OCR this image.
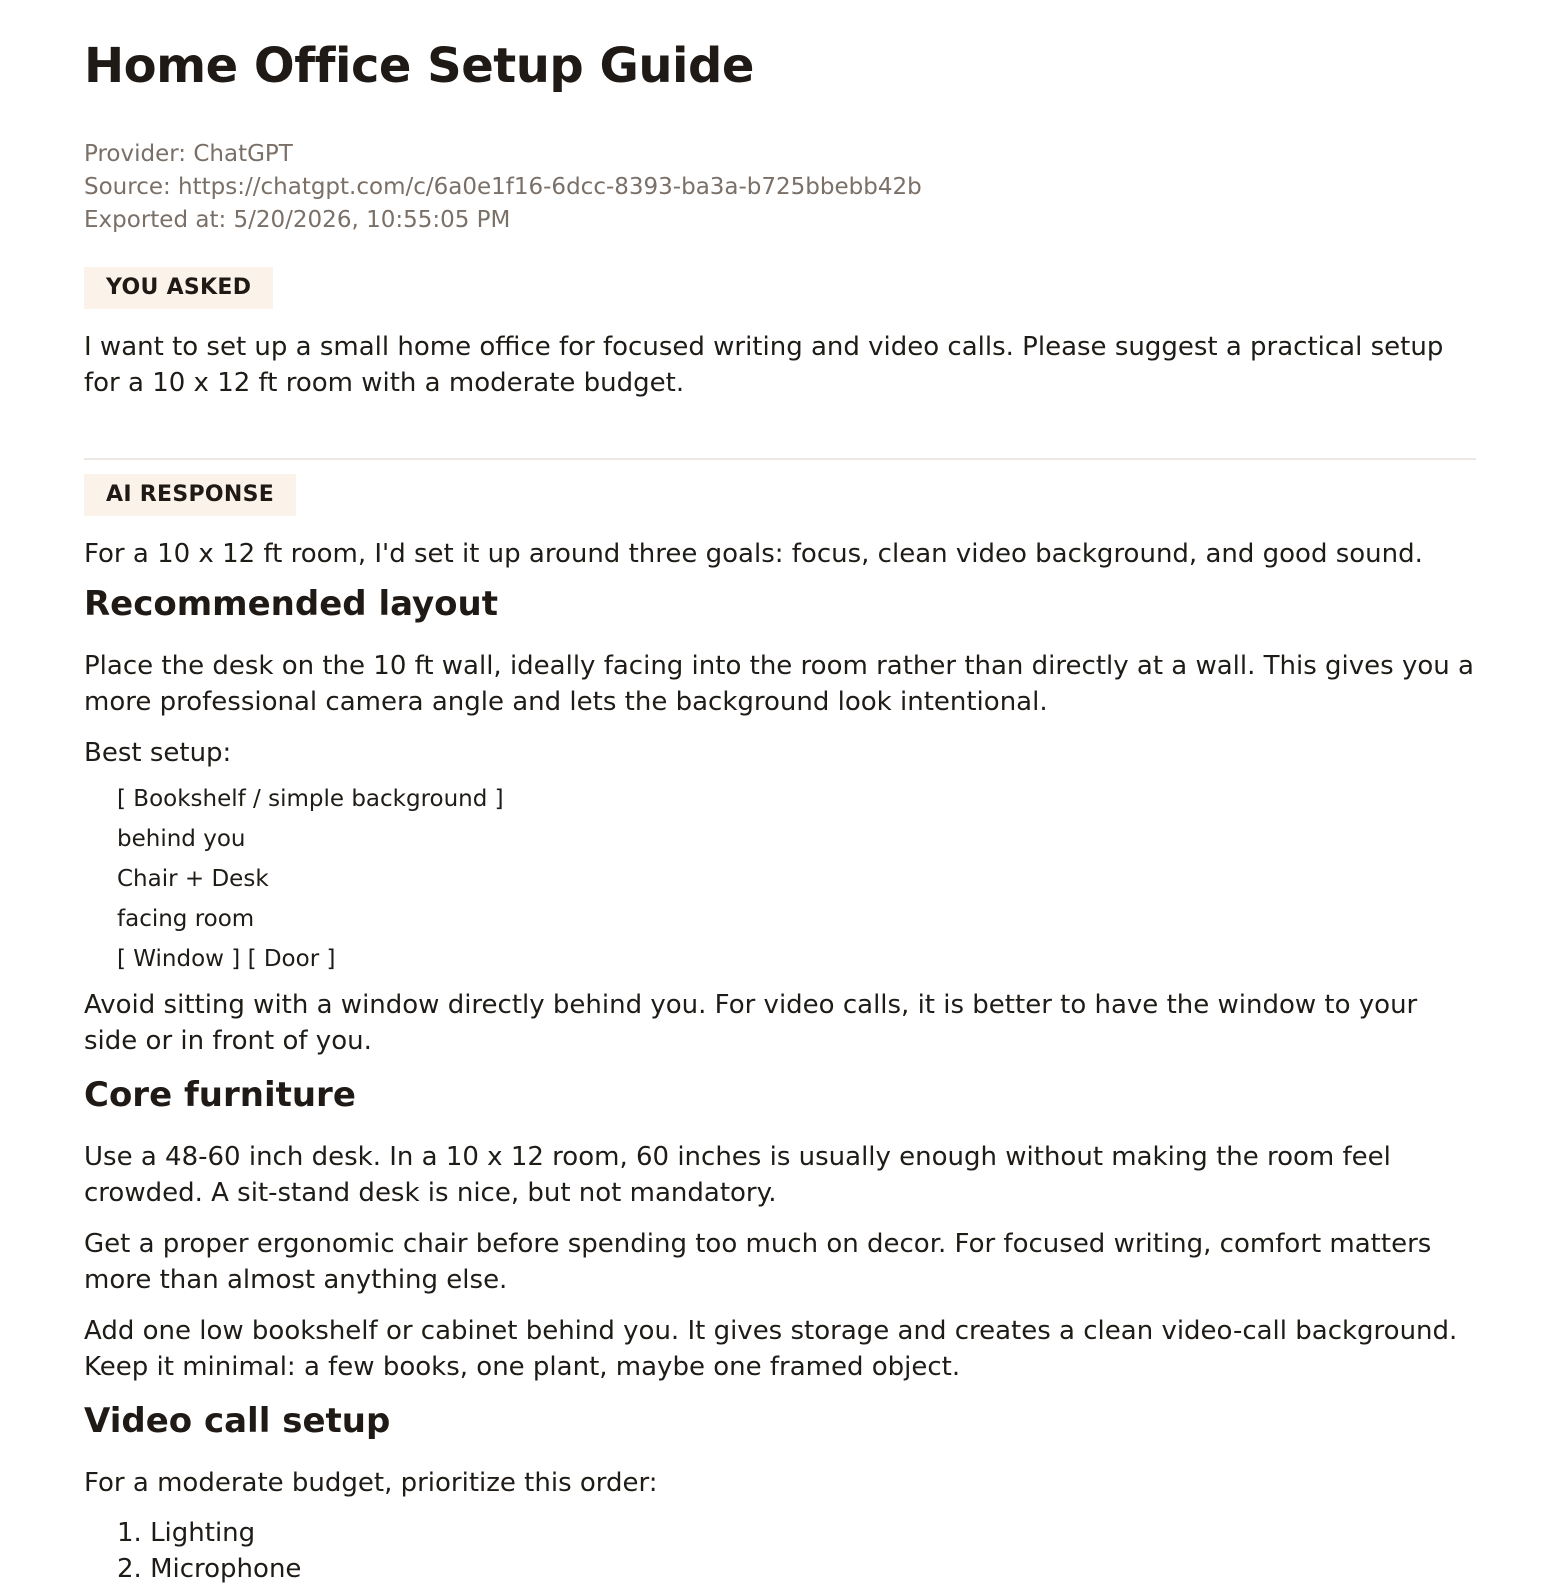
Home Office Setup Guide
Provider: ChatGPT
Source: https://chatgpt.com/c/6a0e1f16-6dcc-8393-ba3a-b725bbebb42b
Exported at: 5/20/2026, 10:55:05 PM
YOU ASKED

I want to set up a small home office for focused writing and video calls. Please suggest a practical setup for a 10 x 12 ft room with a moderate budget.

AI RESPONSE

For a 10 x 12 ft room, I'd set it up around three goals: focus, clean video background, and good sound.

Recommended layout

Place the desk on the 10 ft wall, ideally facing into the room rather than directly at a wall. This gives you a more professional camera angle and lets the background look intentional.

Best setup:

[ Bookshelf / simple background ]
behind you
Chair + Desk
facing room
[ Window ] [ Door ]

Avoid sitting with a window directly behind you. For video calls, it is better to have the window to your side or in front of you.

Core furniture

Use a 48-60 inch desk. In a 10 x 12 room, 60 inches is usually enough without making the room feel crowded. A sit-stand desk is nice, but not mandatory.

Get a proper ergonomic chair before spending too much on decor. For focused writing, comfort matters more than almost anything else.

Add one low bookshelf or cabinet behind you. It gives storage and creates a clean video-call background. Keep it minimal: a few books, one plant, maybe one framed object.

Video call setup

For a moderate budget, prioritize this order:

1. Lighting
2. Microphone
